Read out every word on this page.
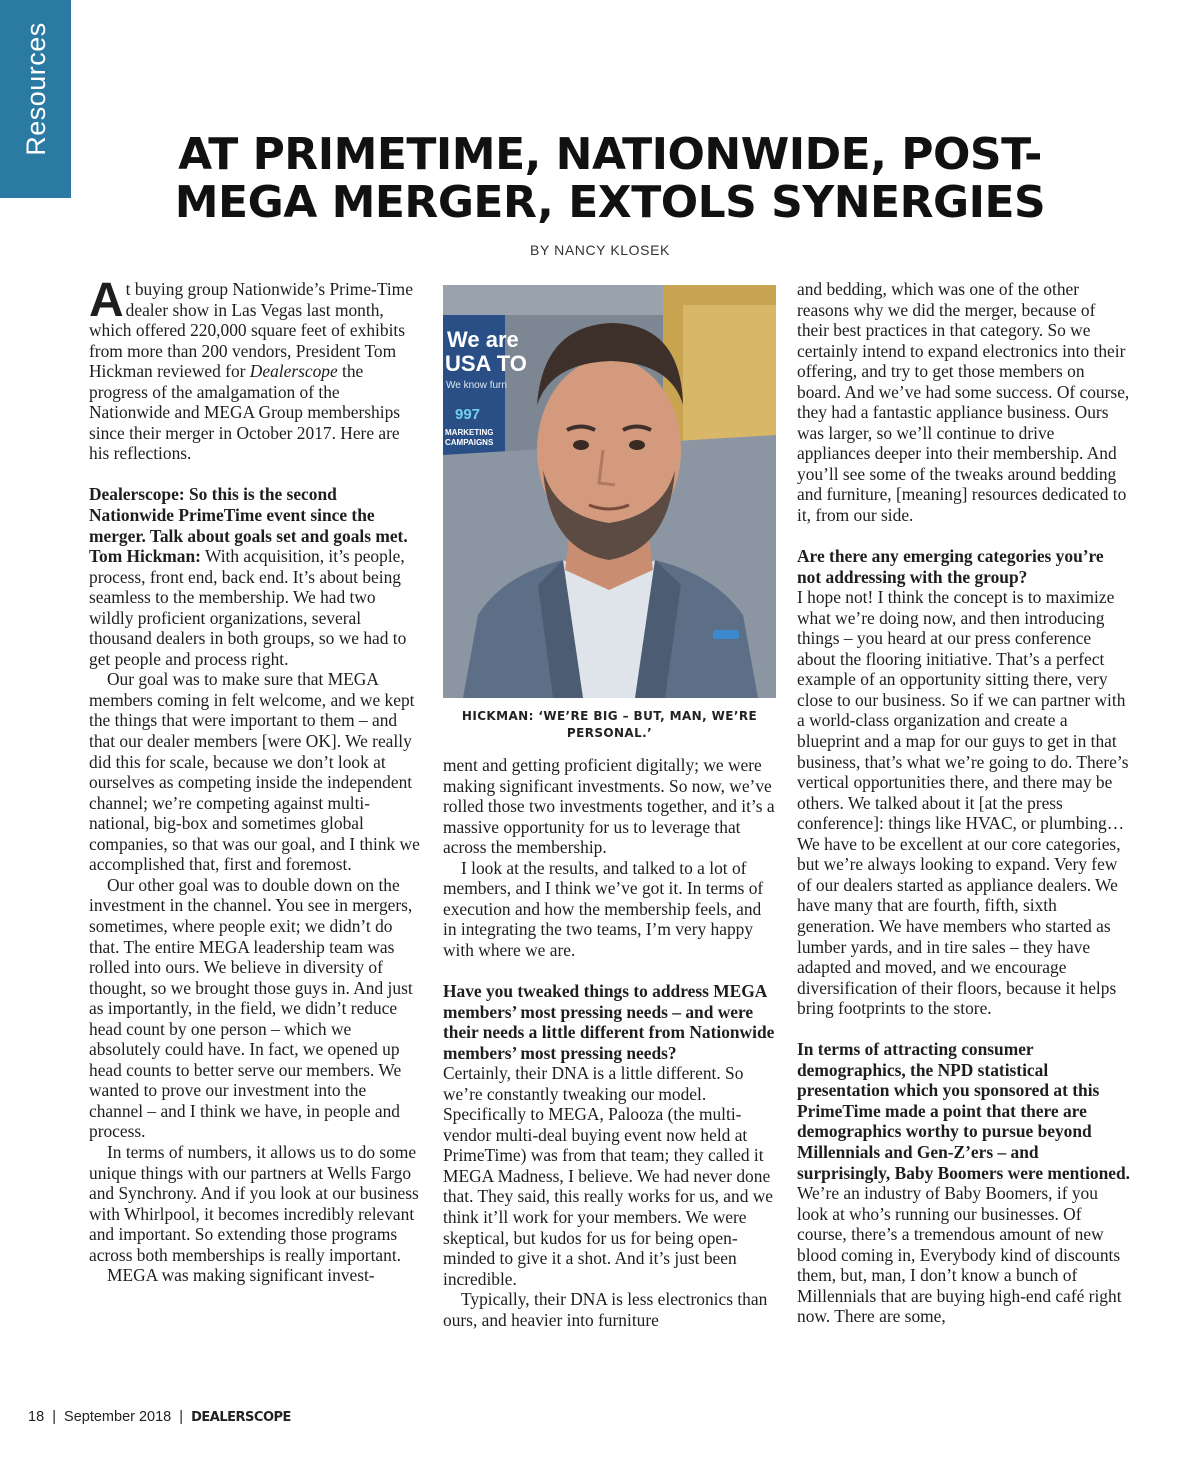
Resources	AT PRIMETIME, NATIONWIDE, POST-MEGA MERGER, EXTOLS SYNERGIES
BY NANCY KLOSEK

At buying group Nationwide’s Prime-Time dealer show in Las Vegas last month, which offered 220,000 square feet of exhibits from more than 200 vendors, President Tom Hickman reviewed for Dealerscope the progress of the amalgamation of the Nationwide and MEGA Group memberships since their merger in October 2017. Here are his reflections.

Dealerscope: So this is the second Nationwide PrimeTime event since the merger. Talk about goals set and goals met.

Tom Hickman: With acquisition, it’s people, process, front end, back end. It’s about being seamless to the membership. We had two wildly proficient organizations, several thousand dealers in both groups, so we had to get people and process right.

Our goal was to make sure that MEGA members coming in felt welcome, and we kept the things that were important to them – and that our dealer members [were OK]. We really did this for scale, because we don’t look at ourselves as competing inside the independent channel; we’re competing against multi-national, big-box and sometimes global companies, so that was our goal, and I think we accomplished that, first and foremost.

Our other goal was to double down on the investment in the channel. You see in mergers, sometimes, where people exit; we didn’t do that. The entire MEGA leadership team was rolled into ours. We believe in diversity of thought, so we brought those guys in. And just as importantly, in the field, we didn’t reduce head count by one person – which we absolutely could have. In fact, we opened up head counts to better serve our members. We wanted to prove our investment into the channel – and I think we have, in people and process.

In terms of numbers, it allows us to do some unique things with our partners at Wells Fargo and Synchrony. And if you look at our business with Whirlpool, it becomes incredibly relevant and important. So extending those programs across both memberships is really important.

MEGA was making significant invest-

We are
USA TO
We know furn
997
MARKETING
CAMPAIGNS
HICKMAN: ‘WE’RE BIG – BUT, MAN, WE’RE PERSONAL.’

ment and getting proficient digitally; we were making significant investments. So now, we’ve rolled those two investments together, and it’s a massive opportunity for us to leverage that across the membership.

I look at the results, and talked to a lot of members, and I think we’ve got it. In terms of execution and how the membership feels, and in integrating the two teams, I’m very happy with where we are.

Have you tweaked things to address MEGA members’ most pressing needs – and were their needs a little different from Nationwide members’ most pressing needs?

Certainly, their DNA is a little different. So we’re constantly tweaking our model. Specifically to MEGA, Palooza (the multi-vendor multi-deal buying event now held at PrimeTime) was from that team; they called it MEGA Madness, I believe. We had never done that. They said, this really works for us, and we think it’ll work for your members. We were skeptical, but kudos for us for being open-minded to give it a shot. And it’s just been incredible.

Typically, their DNA is less electronics than ours, and heavier into furniture

and bedding, which was one of the other reasons why we did the merger, because of their best practices in that category. So we certainly intend to expand electronics into their offering, and try to get those members on board. And we’ve had some success. Of course, they had a fantastic appliance business. Ours was larger, so we’ll continue to drive appliances deeper into their membership. And you’ll see some of the tweaks around bedding and furniture, [meaning] resources dedicated to it, from our side.

Are there any emerging categories you’re not addressing with the group?

I hope not! I think the concept is to maximize what we’re doing now, and then introducing things – you heard at our press conference about the flooring initiative. That’s a perfect example of an opportunity sitting there, very close to our business. So if we can partner with a world-class organization and create a blueprint and a map for our guys to get in that business, that’s what we’re going to do. There’s vertical opportunities there, and there may be others. We talked about it [at the press conference]: things like HVAC, or plumbing… We have to be excellent at our core categories, but we’re always looking to expand. Very few of our dealers started as appliance dealers. We have many that are fourth, fifth, sixth generation. We have members who started as lumber yards, and in tire sales – they have adapted and moved, and we encourage diversification of their floors, because it helps bring footprints to the store.

In terms of attracting consumer demographics, the NPD statistical presentation which you sponsored at this PrimeTime made a point that there are demographics worthy to pursue beyond Millennials and Gen-Z’ers – and surprisingly, Baby Boomers were mentioned.

We’re an industry of Baby Boomers, if you look at who’s running our businesses. Of course, there’s a tremendous amount of new blood coming in, Everybody kind of discounts them, but, man, I don’t know a bunch of Millennials that are buying high-end café right now. There are some,

18  |  September 2018  |  DEALERSCOPE
